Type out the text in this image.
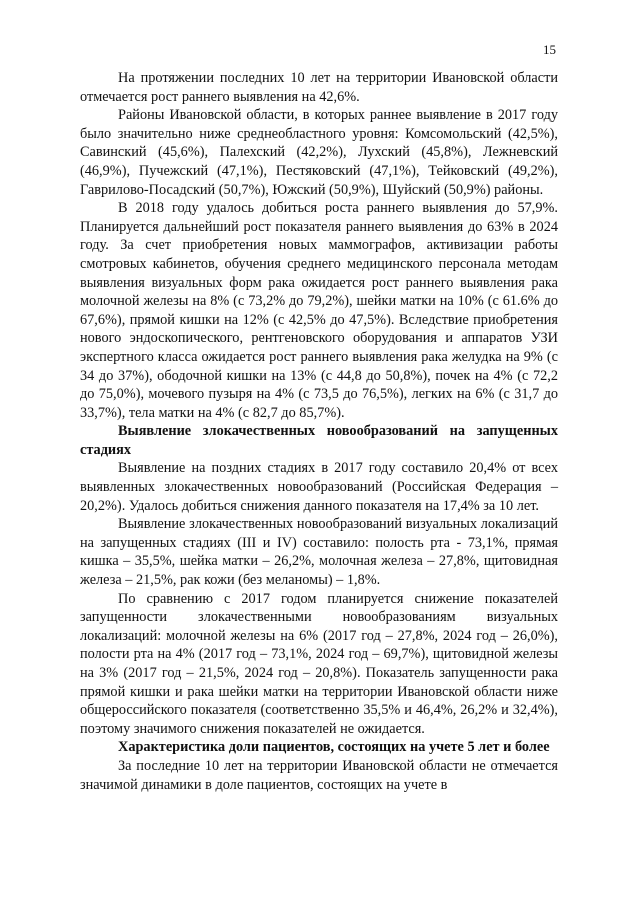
15

На протяжении последних 10 лет на территории Ивановской области отмечается рост раннего выявления на 42,6%.

Районы Ивановской области, в которых раннее выявление в 2017 году было значительно ниже среднеобластного уровня: Комсомольский (42,5%), Савинский (45,6%), Палехский (42,2%), Лухский (45,8%), Лежневский (46,9%), Пучежский (47,1%), Пестяковский (47,1%), Тейковский (49,2%), Гаврилово-Посадский (50,7%), Южский (50,9%), Шуйский (50,9%) районы.

В 2018 году удалось добиться роста раннего выявления до 57,9%. Планируется дальнейший рост показателя раннего выявления до 63% в 2024 году. За счет приобретения новых маммографов, активизации работы смотровых кабинетов, обучения среднего медицинского персонала методам выявления визуальных форм рака ожидается рост раннего выявления рака молочной железы на 8% (с 73,2% до 79,2%), шейки матки на 10% (с 61.6% до 67,6%), прямой кишки на 12% (с 42,5% до 47,5%). Вследствие приобретения нового эндоскопического, рентгеновского оборудования и аппаратов УЗИ экспертного класса ожидается рост раннего выявления рака желудка на 9% (с 34 до 37%), ободочной кишки на 13% (с 44,8 до 50,8%), почек на 4% (с 72,2 до 75,0%), мочевого пузыря на 4% (с 73,5 до 76,5%), легких на 6% (с 31,7 до 33,7%), тела матки на 4% (с 82,7 до 85,7%).

Выявление злокачественных новообразований на запущенных стадиях

Выявление на поздних стадиях в 2017 году составило 20,4% от всех выявленных злокачественных новообразований (Российская Федерация – 20,2%). Удалось добиться снижения данного показателя на 17,4% за 10 лет.

Выявление злокачественных новообразований визуальных локализаций на запущенных стадиях (III и IV) составило: полость рта - 73,1%, прямая кишка – 35,5%, шейка матки – 26,2%, молочная железа – 27,8%, щитовидная железа – 21,5%, рак кожи (без меланомы) – 1,8%.

По сравнению с 2017 годом планируется снижение показателей запущенности злокачественными новообразованиям визуальных локализаций: молочной железы на 6% (2017 год – 27,8%, 2024 год – 26,0%), полости рта на 4% (2017 год – 73,1%, 2024 год – 69,7%), щитовидной железы на 3% (2017 год – 21,5%, 2024 год – 20,8%). Показатель запущенности рака прямой кишки и рака шейки матки на территории Ивановской области ниже общероссийского показателя (соответственно 35,5% и 46,4%, 26,2% и 32,4%), поэтому значимого снижения показателей не ожидается.

Характеристика доли пациентов, состоящих на учете 5 лет и более

За последние 10 лет на территории Ивановской области не отмечается значимой динамики в доле пациентов, состоящих на учете в
